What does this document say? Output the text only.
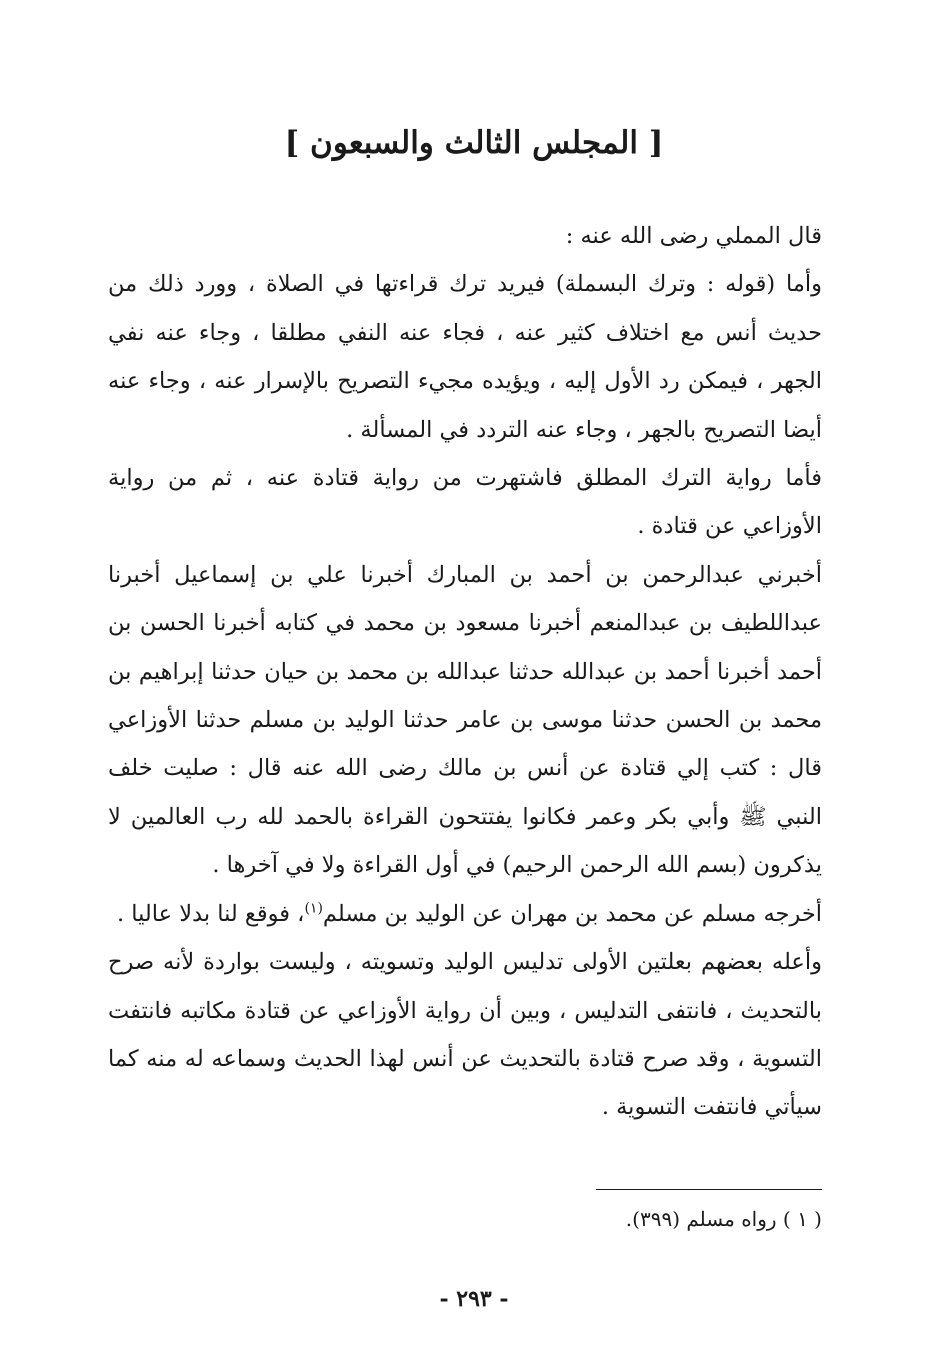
[ المجلس الثالث والسبعون ]

قال المملي رضى الله عنه :

وأما (قوله : وترك البسملة) فيريد ترك قراءتها في الصلاة ، وورد ذلك من حديث أنس مع اختلاف كثير عنه ، فجاء عنه النفي مطلقا ، وجاء عنه نفي الجهر ، فيمكن رد الأول إليه ، ويؤيده مجيء التصريح بالإسرار عنه ، وجاء عنه أيضا التصريح بالجهر ، وجاء عنه التردد في المسألة .

فأما رواية الترك المطلق فاشتهرت من رواية قتادة عنه ، ثم من رواية الأوزاعي عن قتادة .

أخبرني عبدالرحمن بن أحمد بن المبارك أخبرنا علي بن إسماعيل أخبرنا عبداللطيف بن عبدالمنعم أخبرنا مسعود بن محمد في كتابه أخبرنا الحسن بن أحمد أخبرنا أحمد بن عبدالله حدثنا عبدالله بن محمد بن حيان حدثنا إبراهيم بن محمد بن الحسن حدثنا موسى بن عامر حدثنا الوليد بن مسلم حدثنا الأوزاعي قال : كتب إلي قتادة عن أنس بن مالك رضى الله عنه قال : صليت خلف النبي ﷺ وأبي بكر وعمر فكانوا يفتتحون القراءة بالحمد لله رب العالمين لا يذكرون (بسم الله الرحمن الرحيم) في أول القراءة ولا في آخرها .

أخرجه مسلم عن محمد بن مهران عن الوليد بن مسلم$^{(١)}$، فوقع لنا بدلا عاليا .

وأعله بعضهم بعلتين الأولى تدليس الوليد وتسويته ، وليست بواردة لأنه صرح بالتحديث ، فانتفى التدليس ، وبين أن رواية الأوزاعي عن قتادة مكاتبه فانتفت التسوية ، وقد صرح قتادة بالتحديث عن أنس لهذا الحديث وسماعه له منه كما سيأتي فانتفت التسوية .

( ١ ) رواه مسلم (٣٩٩).
- ٢٩٣ -
